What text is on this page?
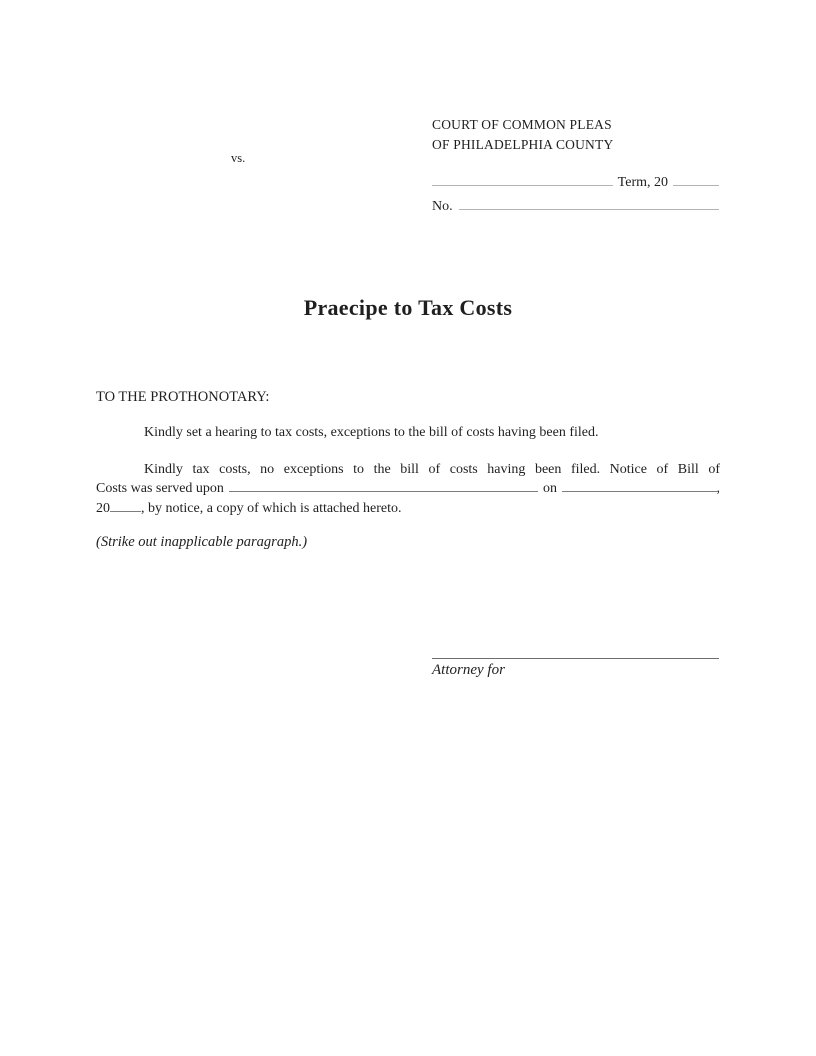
COURT OF COMMON PLEAS
OF PHILADELPHIA COUNTY
vs.
Term, 20
No.
Praecipe to Tax Costs
TO THE PROTHONOTARY:

Kindly set a hearing to tax costs, exceptions to the bill of costs having been filed.

Kindly tax costs, no exceptions to the bill of costs having been filed. Notice of Bill of
Costs was served upon	on	,
20 , by notice, a copy of which is attached hereto.
(Strike out inapplicable paragraph.)
Attorney for
